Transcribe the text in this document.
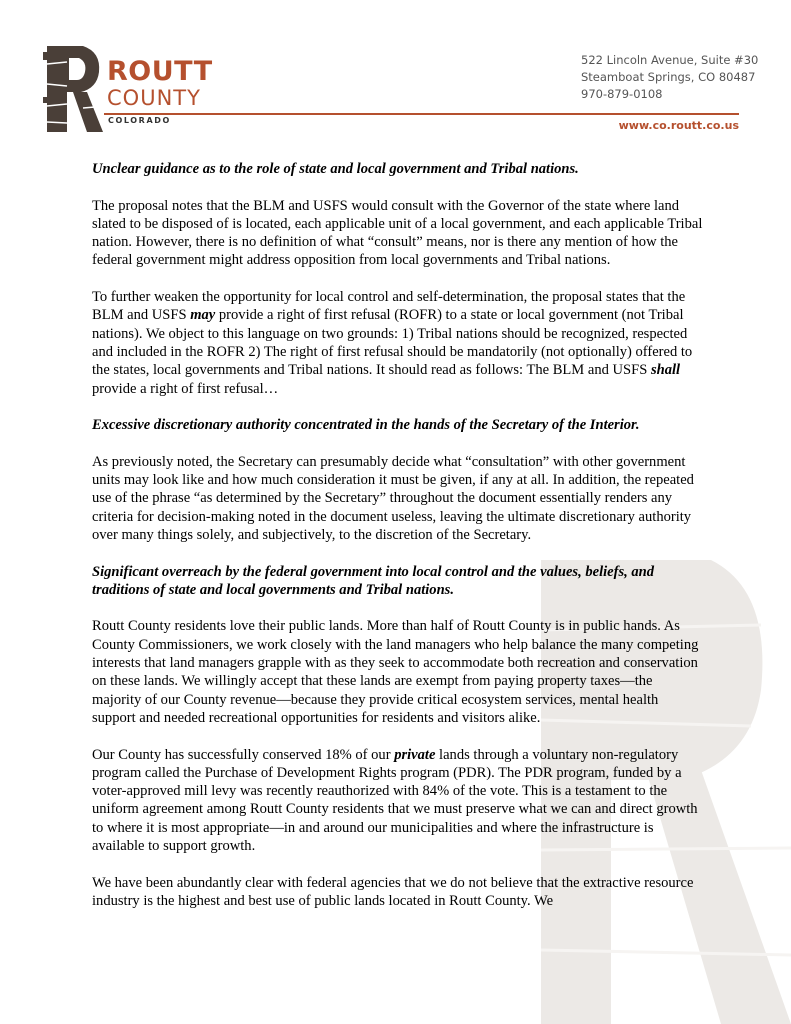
ROUTT
COUNTY
COLORADO
522 Lincoln Avenue, Suite #30
Steamboat Springs, CO 80487
970-879-0108
www.co.routt.co.us

Unclear guidance as to the role of state and local government and Tribal nations.

The proposal notes that the BLM and USFS would consult with the Governor of the state where land slated to be disposed of is located, each applicable unit of a local government, and each applicable Tribal nation. However, there is no definition of what “consult” means, nor is there any mention of how the federal government might address opposition from local governments and Tribal nations.

To further weaken the opportunity for local control and self-determination, the proposal states that the BLM and USFS may provide a right of first refusal (ROFR) to a state or local government (not Tribal nations). We object to this language on two grounds: 1) Tribal nations should be recognized, respected and included in the ROFR 2) The right of first refusal should be mandatorily (not optionally) offered to the states, local governments and Tribal nations. It should read as follows: The BLM and USFS shall provide a right of first refusal…

Excessive discretionary authority concentrated in the hands of the Secretary of the Interior.

As previously noted, the Secretary can presumably decide what “consultation” with other government units may look like and how much consideration it must be given, if any at all. In addition, the repeated use of the phrase “as determined by the Secretary” throughout the document essentially renders any criteria for decision-making noted in the document useless, leaving the ultimate discretionary authority over many things solely, and subjectively, to the discretion of the Secretary.

Significant overreach by the federal government into local control and the values, beliefs, and traditions of state and local governments and Tribal nations.

Routt County residents love their public lands. More than half of Routt County is in public hands. As County Commissioners, we work closely with the land managers who help balance the many competing interests that land managers grapple with as they seek to accommodate both recreation and conservation on these lands. We willingly accept that these lands are exempt from paying property taxes—the majority of our County revenue—because they provide critical ecosystem services, mental health support and needed recreational opportunities for residents and visitors alike.

Our County has successfully conserved 18% of our private lands through a voluntary non-regulatory program called the Purchase of Development Rights program (PDR). The PDR program, funded by a voter-approved mill levy was recently reauthorized with 84% of the vote. This is a testament to the uniform agreement among Routt County residents that we must preserve what we can and direct growth to where it is most appropriate—in and around our municipalities and where the infrastructure is available to support growth.

We have been abundantly clear with federal agencies that we do not believe that the extractive resource industry is the highest and best use of public lands located in Routt County. We
